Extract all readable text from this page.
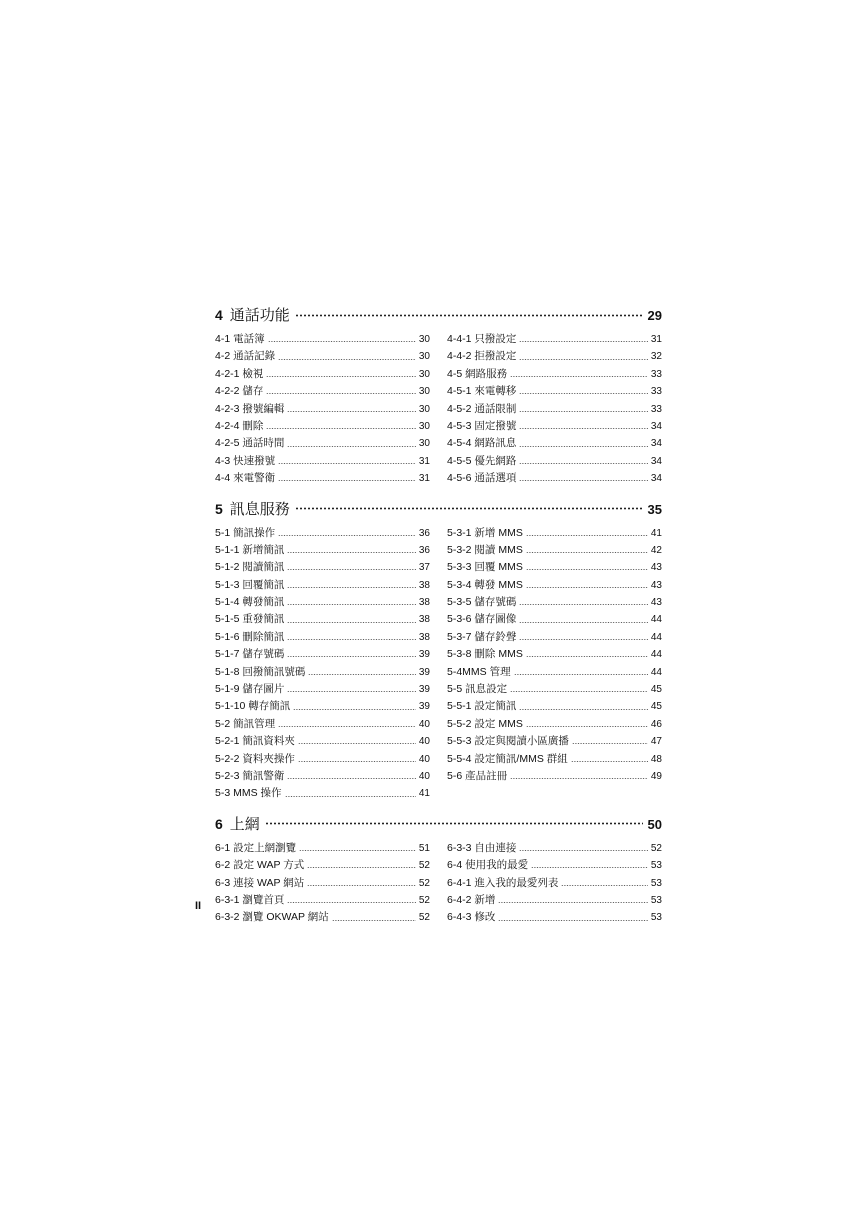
4 通話功能	29
4-1 電話簿	30
4-2 通話記錄	30
4-2-1 檢視	30
4-2-2 儲存	30
4-2-3 撥號編輯	30
4-2-4 刪除	30
4-2-5 通話時間	30
4-3 快速撥號	31
4-4 來電警衛	31
4-4-1 只撥設定	31
4-4-2 拒撥設定	32
4-5 網路服務	33
4-5-1 來電轉移	33
4-5-2 通話限制	33
4-5-3 固定撥號	34
4-5-4 網路訊息	34
4-5-5 優先網路	34
4-5-6 通話選項	34
5 訊息服務	35
5-1 簡訊操作	36
5-1-1 新增簡訊	36
5-1-2 閱讀簡訊	37
5-1-3 回覆簡訊	38
5-1-4 轉發簡訊	38
5-1-5 重發簡訊	38
5-1-6 刪除簡訊	38
5-1-7 儲存號碼	39
5-1-8 回撥簡訊號碼	39
5-1-9 儲存圖片	39
5-1-10 轉存簡訊	39
5-2 簡訊管理	40
5-2-1 簡訊資料夾	40
5-2-2 資料夾操作	40
5-2-3 簡訊警衛	40
5-3 MMS 操作	41
5-3-1 新增 MMS	41
5-3-2 閱讀 MMS	42
5-3-3 回覆 MMS	43
5-3-4 轉發 MMS	43
5-3-5 儲存號碼	43
5-3-6 儲存圖像	44
5-3-7 儲存鈴聲	44
5-3-8 刪除 MMS	44
5-4MMS 管理	44
5-5 訊息設定	45
5-5-1 設定簡訊	45
5-5-2 設定 MMS	46
5-5-3 設定與閱讀小區廣播	47
5-5-4 設定簡訊/MMS 群組	48
5-6 產品註冊	49
6 上網	50
6-1 設定上網瀏覽	51
6-2 設定 WAP 方式	52
6-3 連接 WAP 網站	52
6-3-1 瀏覽首頁	52
6-3-2 瀏覽 OKWAP 網站	52
6-3-3 自由連接	52
6-4 使用我的最愛	53
6-4-1 進入我的最愛列表	53
6-4-2 新增	53
6-4-3 修改	53
II
